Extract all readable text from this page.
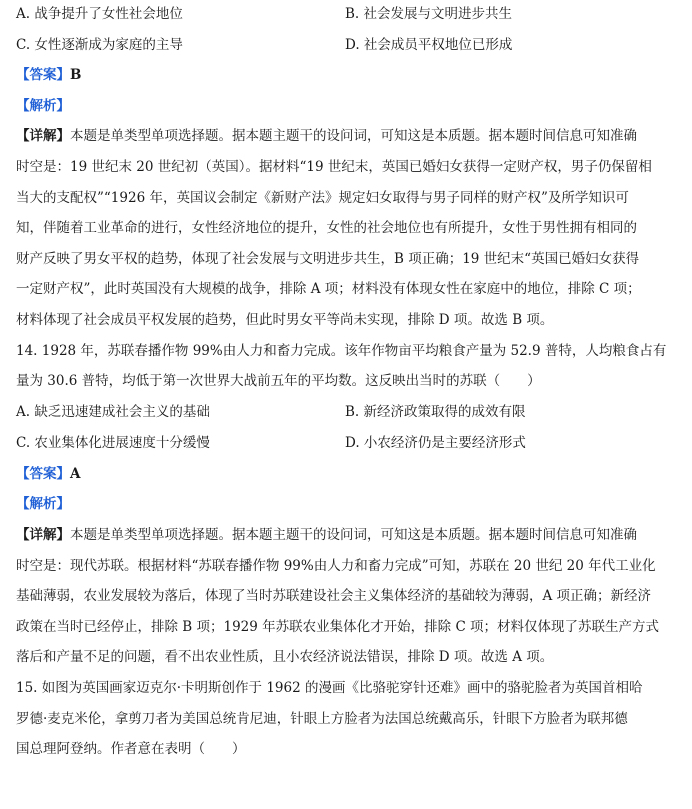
A. 战争提升了女性社会地位	B. 社会发展与文明进步共生
C. 女性逐渐成为家庭的主导	D. 社会成员平权地位已形成
【答案】B
【解析】
【详解】本题是单类型单项选择题。据本题主题干的设问词，可知这是本质题。据本题时间信息可知准确
时空是：19 世纪末 20 世纪初（英国）。据材料“19 世纪末，英国已婚妇女获得一定财产权，男子仍保留相
当大的支配权”“1926 年，英国议会制定《新财产法》规定妇女取得与男子同样的财产权”及所学知识可
知，伴随着工业革命的进行，女性经济地位的提升，女性的社会地位也有所提升，女性于男性拥有相同的
财产反映了男女平权的趋势，体现了社会发展与文明进步共生，B 项正确；19 世纪末“英国已婚妇女获得
一定财产权”，此时英国没有大规模的战争，排除 A 项；材料没有体现女性在家庭中的地位，排除 C 项；
材料体现了社会成员平权发展的趋势，但此时男女平等尚未实现，排除 D 项。故选 B 项。
14. 1928 年，苏联春播作物 99%由人力和畜力完成。该年作物亩平均粮食产量为 52.9 普特，人均粮食占有
量为 30.6 普特，均低于第一次世界大战前五年的平均数。这反映出当时的苏联（　　）
A. 缺乏迅速建成社会主义的基础	B. 新经济政策取得的成效有限
C. 农业集体化进展速度十分缓慢	D. 小农经济仍是主要经济形式
【答案】A
【解析】
【详解】本题是单类型单项选择题。据本题主题干的设问词，可知这是本质题。据本题时间信息可知准确
时空是：现代苏联。根据材料“苏联春播作物 99%由人力和畜力完成”可知，苏联在 20 世纪 20 年代工业化
基础薄弱，农业发展较为落后，体现了当时苏联建设社会主义集体经济的基础较为薄弱，A 项正确；新经济
政策在当时已经停止，排除 B 项；1929 年苏联农业集体化才开始，排除 C 项；材料仅体现了苏联生产方式
落后和产量不足的问题，看不出农业性质，且小农经济说法错误，排除 D 项。故选 A 项。
15. 如图为英国画家迈克尔·卡明斯创作于 1962 的漫画《比骆驼穿针还难》画中的骆驼脸者为英国首相哈
罗德·麦克米伦，拿剪刀者为美国总统肯尼迪，针眼上方脸者为法国总统戴高乐，针眼下方脸者为联邦德
国总理阿登纳。作者意在表明（　　）
